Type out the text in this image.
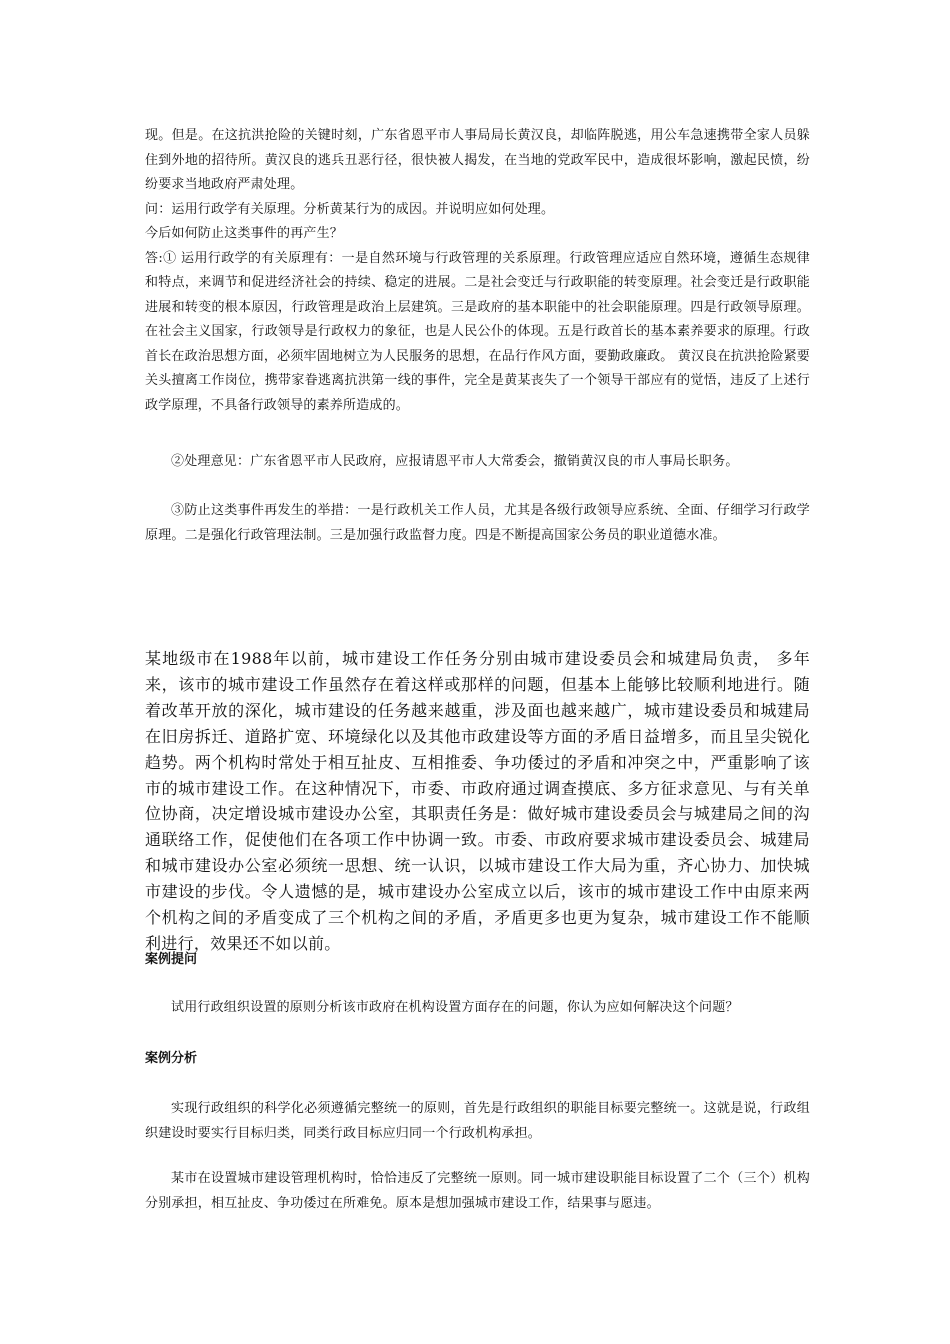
现。但是。在这抗洪抢险的关键时刻，广东省恩平市人事局局长黄汉良，却临阵脱逃，用公车急速携带全家人员躲住到外地的招待所。黄汉良的逃兵丑恶行径，很快被人揭发，在当地的党政军民中，造成很坏影响，激起民愤，纷纷要求当地政府严肃处理。

问：运用行政学有关原理。分析黄某行为的成因。并说明应如何处理。

今后如何防止这类事件的再产生？

答:① 运用行政学的有关原理有：一是自然环境与行政管理的关系原理。行政管理应适应自然环境，遵循生态规律和特点，来调节和促进经济社会的持续、稳定的进展。二是社会变迁与行政职能的转变原理。社会变迁是行政职能进展和转变的根本原因，行政管理是政治上层建筑。三是政府的基本职能中的社会职能原理。四是行政领导原理。在社会主义国家，行政领导是行政权力的象征，也是人民公仆的体现。五是行政首长的基本素养要求的原理。行政首长在政治思想方面，必须牢固地树立为人民服务的思想，在品行作风方面，要勤政廉政。 黄汉良在抗洪抢险紧要关头擅离工作岗位，携带家眷逃离抗洪第一线的事件，完全是黄某丧失了一个领导干部应有的觉悟，违反了上述行政学原理，不具备行政领导的素养所造成的。

②处理意见：广东省恩平市人民政府，应报请恩平市人大常委会，撤销黄汉良的市人事局长职务。

③防止这类事件再发生的举措：一是行政机关工作人员，尤其是各级行政领导应系统、全面、仔细学习行政学原理。二是强化行政管理法制。三是加强行政监督力度。四是不断提高国家公务员的职业道德水准。

某地级市在1988年以前，城市建设工作任务分别由城市建设委员会和城建局负责， 多年来，该市的城市建设工作虽然存在着这样或那样的问题，但基本上能够比较顺利地进行。随着改革开放的深化，城市建设的任务越来越重，涉及面也越来越广，城市建设委员和城建局在旧房拆迁、道路扩宽、环境绿化以及其他市政建设等方面的矛盾日益增多，而且呈尖锐化趋势。两个机构时常处于相互扯皮、互相推委、争功倭过的矛盾和冲突之中，严重影响了该市的城市建设工作。在这种情况下，市委、市政府通过调查摸底、多方征求意见、与有关单位协商，决定增设城市建设办公室，其职责任务是：做好城市建设委员会与城建局之间的沟通联络工作，促使他们在各项工作中协调一致。市委、市政府要求城市建设委员会、城建局和城市建设办公室必须统一思想、统一认识，以城市建设工作大局为重，齐心协力、加快城市建设的步伐。令人遗憾的是，城市建设办公室成立以后，该市的城市建设工作中由原来两个机构之间的矛盾变成了三个机构之间的矛盾，矛盾更多也更为复杂，城市建设工作不能顺利进行，效果还不如以前。

案例提问

试用行政组织设置的原则分析该市政府在机构设置方面存在的问题，你认为应如何解决这个问题？

案例分析

实现行政组织的科学化必须遵循完整统一的原则，首先是行政组织的职能目标要完整统一。这就是说，行政组织建设时要实行目标归类，同类行政目标应归同一个行政机构承担。

某市在设置城市建设管理机构时，恰恰违反了完整统一原则。同一城市建设职能目标设置了二个（三个）机构分别承担，相互扯皮、争功倭过在所难免。原本是想加强城市建设工作，结果事与愿违。
